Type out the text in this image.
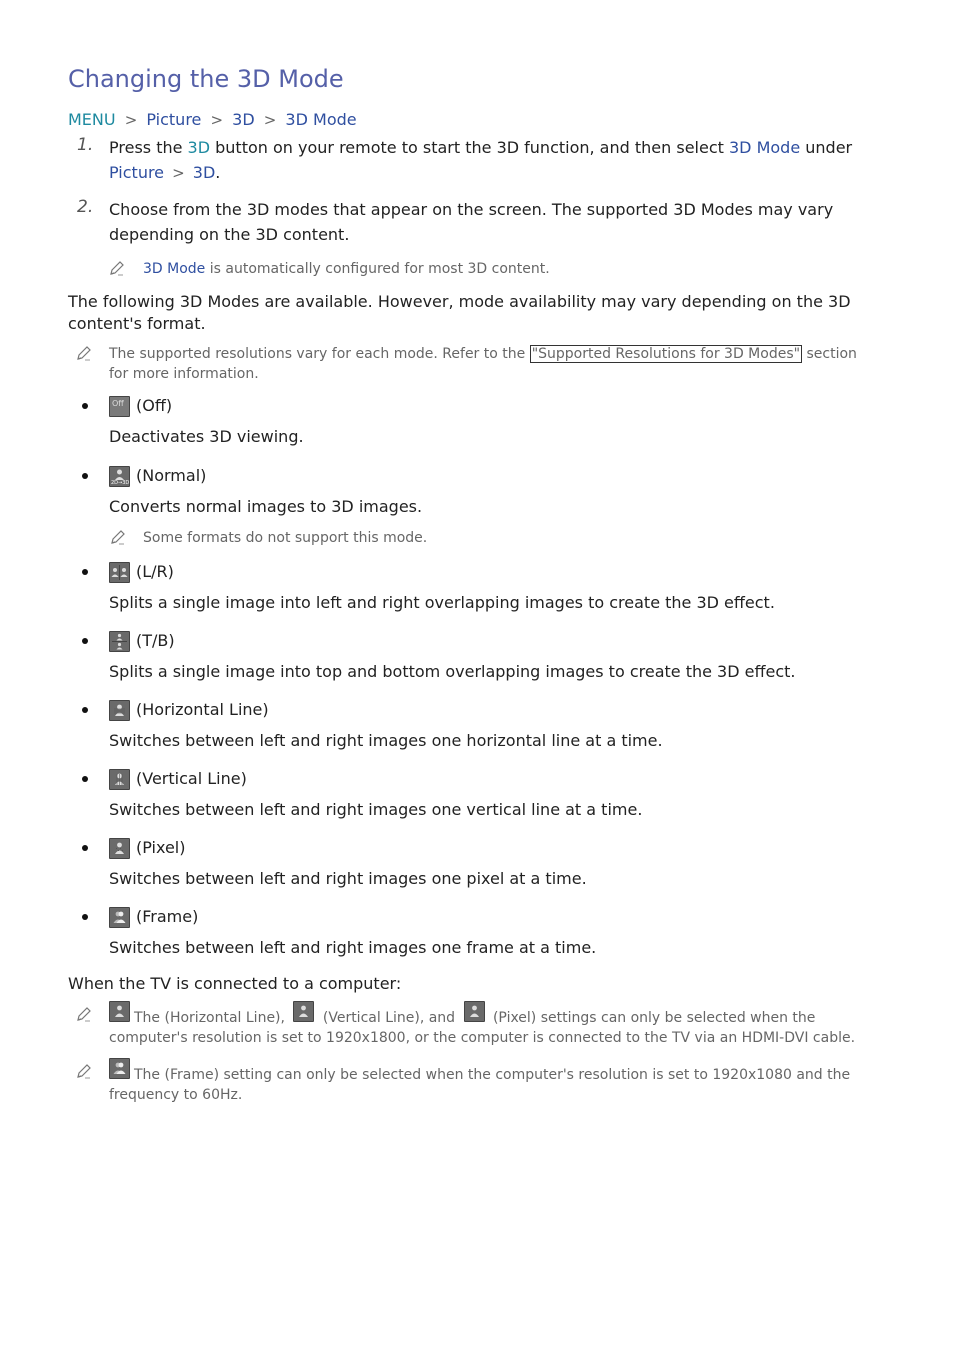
Changing the 3D Mode
MENU > Picture > 3D > 3D Mode
1. Press the 3D button on your remote to start the 3D function, and then select 3D Mode under
Picture > 3D.
2. Choose from the 3D modes that appear on the screen. The supported 3D Modes may vary
depending on the 3D content.
3D Mode is automatically configured for most 3D content.
The following 3D Modes are available. However, mode availability may vary depending on the 3D content's format.
The supported resolutions vary for each mode. Refer to the "Supported Resolutions for 3D Modes" section for more information.
Off (Off)
Deactivates 3D viewing.
2D→3D (Normal)
Converts normal images to 3D images.
Some formats do not support this mode.
(L/R)
Splits a single image into left and right overlapping images to create the 3D effect.
(T/B)
Splits a single image into top and bottom overlapping images to create the 3D effect.
(Horizontal Line)
Switches between left and right images one horizontal line at a time.
(Vertical Line)
Switches between left and right images one vertical line at a time.
(Pixel)
Switches between left and right images one pixel at a time.
(Frame)
Switches between left and right images one frame at a time.
When the TV is connected to a computer:
The (Horizontal Line),
(Vertical Line), and
(Pixel) settings can only be selected when the
computer's resolution is set to 1920x1800, or the computer is connected to the TV via an HDMI-DVI cable.
The (Frame) setting can only be selected when the computer's resolution is set to 1920x1080 and the
frequency to 60Hz.
